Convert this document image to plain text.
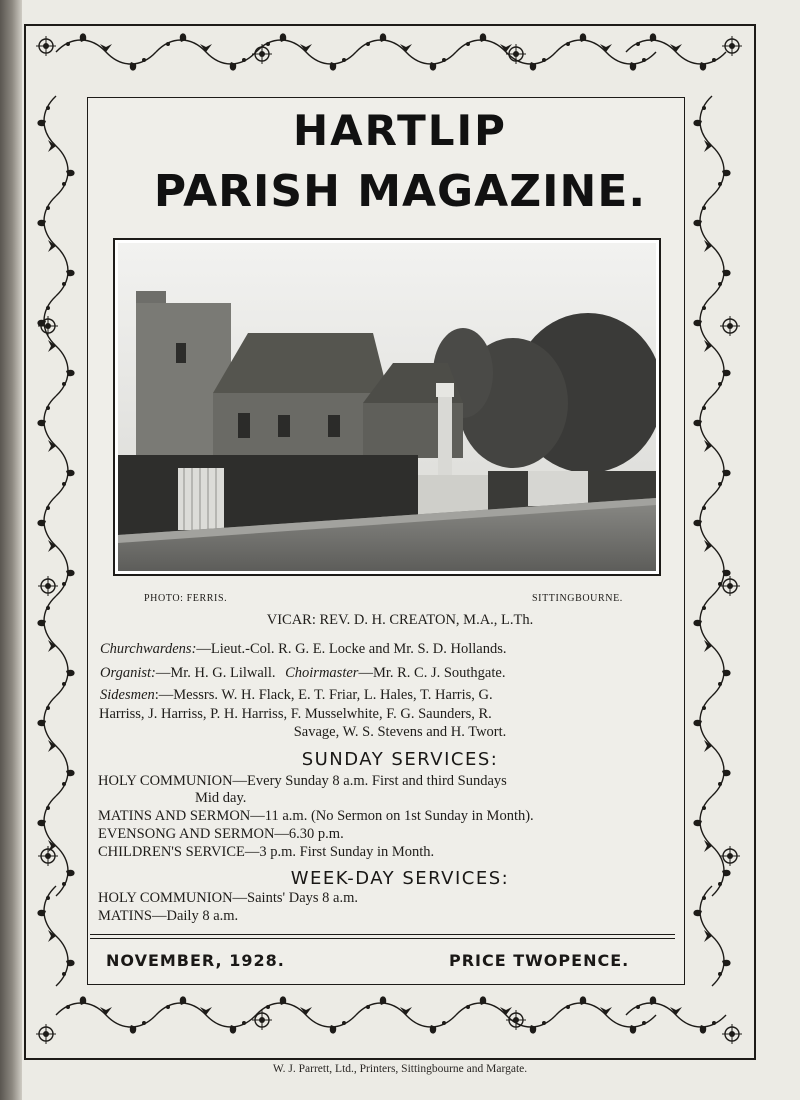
HARTLIP
PARISH MAGAZINE.
PHOTO: FERRIS.	SITTINGBOURNE.
VICAR: REV. D. H. CREATON, M.A., L.Th.
Churchwardens:—Lieut.-Col. R. G. E. Locke and Mr. S. D. Hollands.
Organist:—Mr. H. G. Lilwall. Choirmaster—Mr. R. C. J. Southgate.
Sidesmen:—Messrs. W. H. Flack, E. T. Friar, L. Hales, T. Harris, G.
Harriss, J. Harriss, P. H. Harriss, F. Musselwhite, F. G. Saunders, R.
Savage, W. S. Stevens and H. Twort.
SUNDAY SERVICES:
HOLY COMMUNION—Every Sunday 8 a.m. First and third Sundays
Mid day.
MATINS AND SERMON—11 a.m. (No Sermon on 1st Sunday in Month).
EVENSONG AND SERMON—6.30 p.m.
CHILDREN'S SERVICE—3 p.m. First Sunday in Month.
WEEK-DAY SERVICES:
HOLY COMMUNION—Saints' Days 8 a.m.
MATINS—Daily 8 a.m.
NOVEMBER, 1928.	PRICE TWOPENCE.
W. J. Parrett, Ltd., Printers, Sittingbourne and Margate.
